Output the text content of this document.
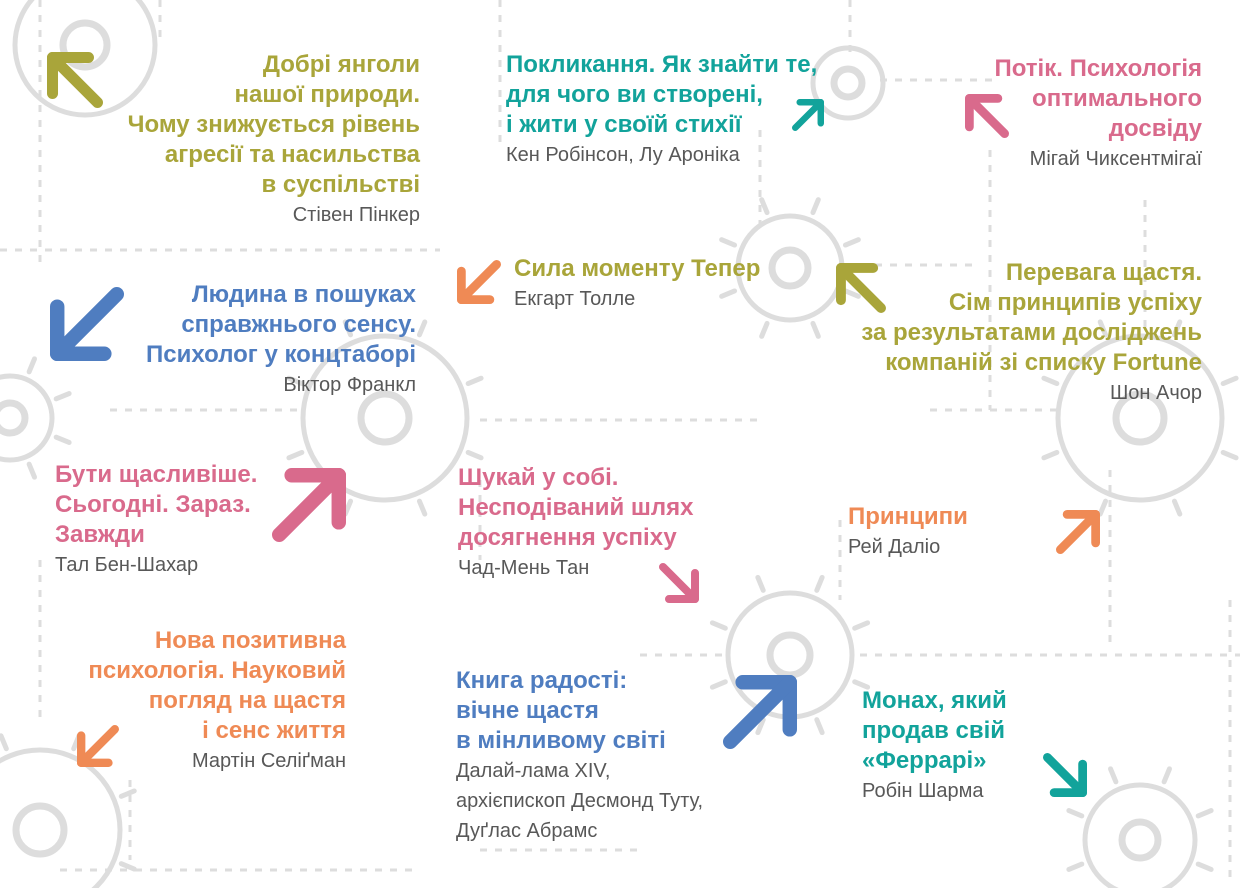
Добрі янголи
нашої природи.
Чому знижується рівень
агресії та насильства
в суспільстві
Стівен Пінкер
Покликання. Як знайти те,
для чого ви створені,
і жити у своїй стихії
Кен Робінсон, Лу Ароніка
Потік. Психологія
оптимального
досвіду
Мігай Чиксентмігаї
Людина в пошуках
справжнього сенсу.
Психолог у концтаборі
Віктор Франкл
Сила моменту Тепер
Екгарт Толле
Перевага щастя.
Сім принципів успіху
за результатами досліджень
компаній зі списку Fortune
Шон Ачор
Бути щасливіше.
Сьогодні. Зараз.
Завжди
Тал Бен-Шахар
Шукай у собі.
Несподіваний шлях
досягнення успіху
Чад-Мень Тан
Принципи
Рей Даліо
Нова позитивна
психологія. Науковий
погляд на щастя
і сенс життя
Мартін Селіґман
Книга радості:
вічне щастя
в мінливому світі
Далай-лама XIV,
архієпископ Десмонд Туту,
Дуґлас Абрамс
Монах, який
продав свій
«Феррарі»
Робін Шарма
